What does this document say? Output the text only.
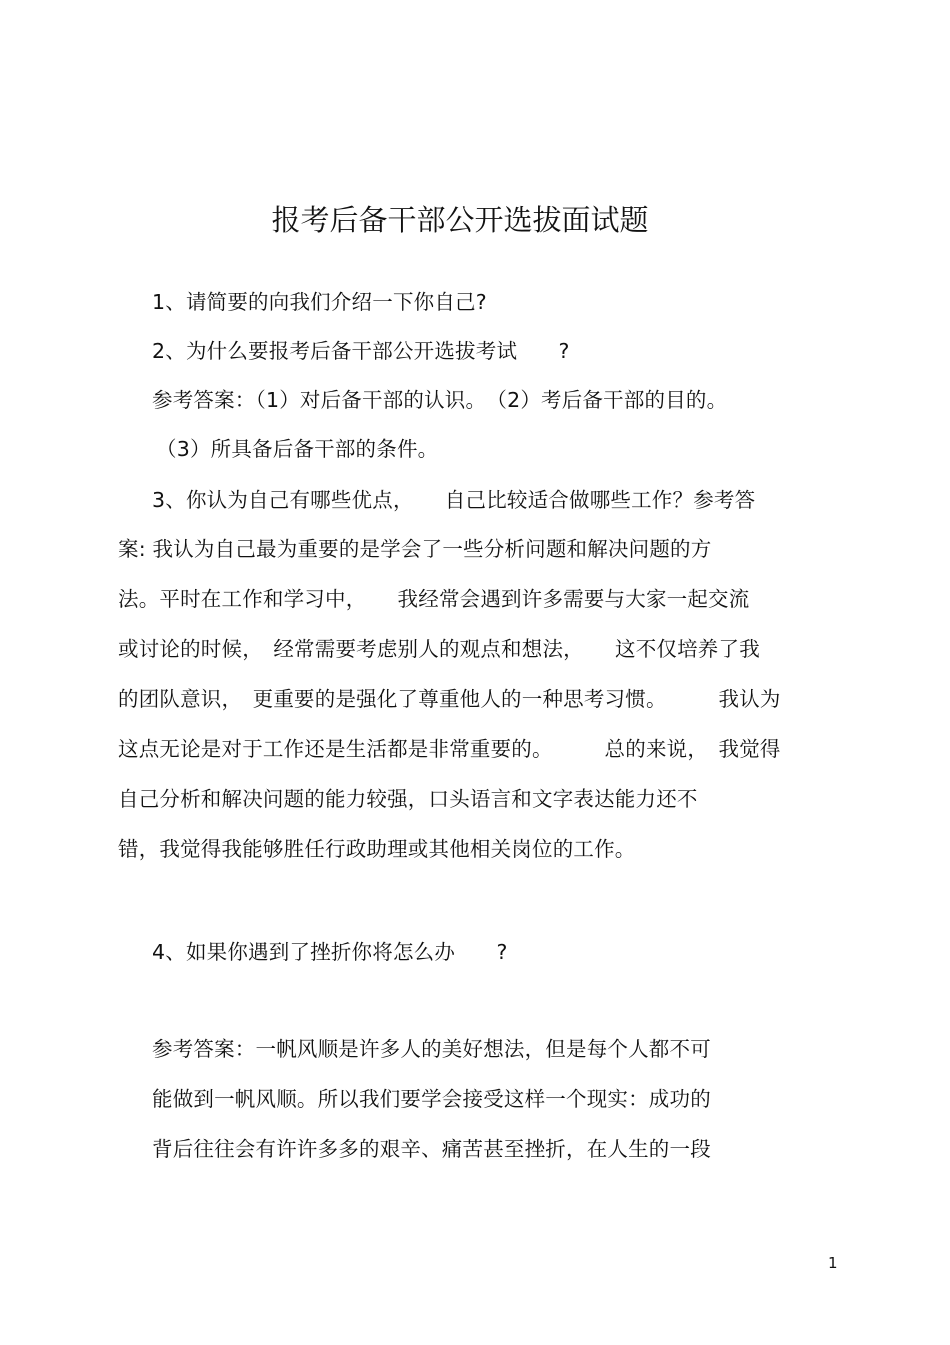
报考后备干部公开选拔面试题
1、请简要的向我们介绍一下你自己?
2、为什么要报考后备干部公开选拔考试　　?
参考答案：（1）对后备干部的认识。　（2）考后备干部的目的。
（3）所具备后备干部的条件。
3、你认为自己有哪些优点，　　自己比较适合做哪些工作？参考答
案: 我认为自己最为重要的是学会了一些分析问题和解决问题的方
法。平时在工作和学习中，　　我经常会遇到许多需要与大家一起交流
或讨论的时候，　经常需要考虑别人的观点和想法，　　这不仅培养了我
的团队意识，　更重要的是强化了尊重他人的一种思考习惯。　　　我认为
这点无论是对于工作还是生活都是非常重要的。　　　总的来说，　我觉得
自己分析和解决问题的能力较强，口头语言和文字表达能力还不
错，我觉得我能够胜任行政助理或其他相关岗位的工作。
4、如果你遇到了挫折你将怎么办　　?
参考答案：一帆风顺是许多人的美好想法，但是每个人都不可
能做到一帆风顺。所以我们要学会接受这样一个现实：成功的
背后往往会有许许多多的艰辛、痛苦甚至挫折，在人生的一段
1
